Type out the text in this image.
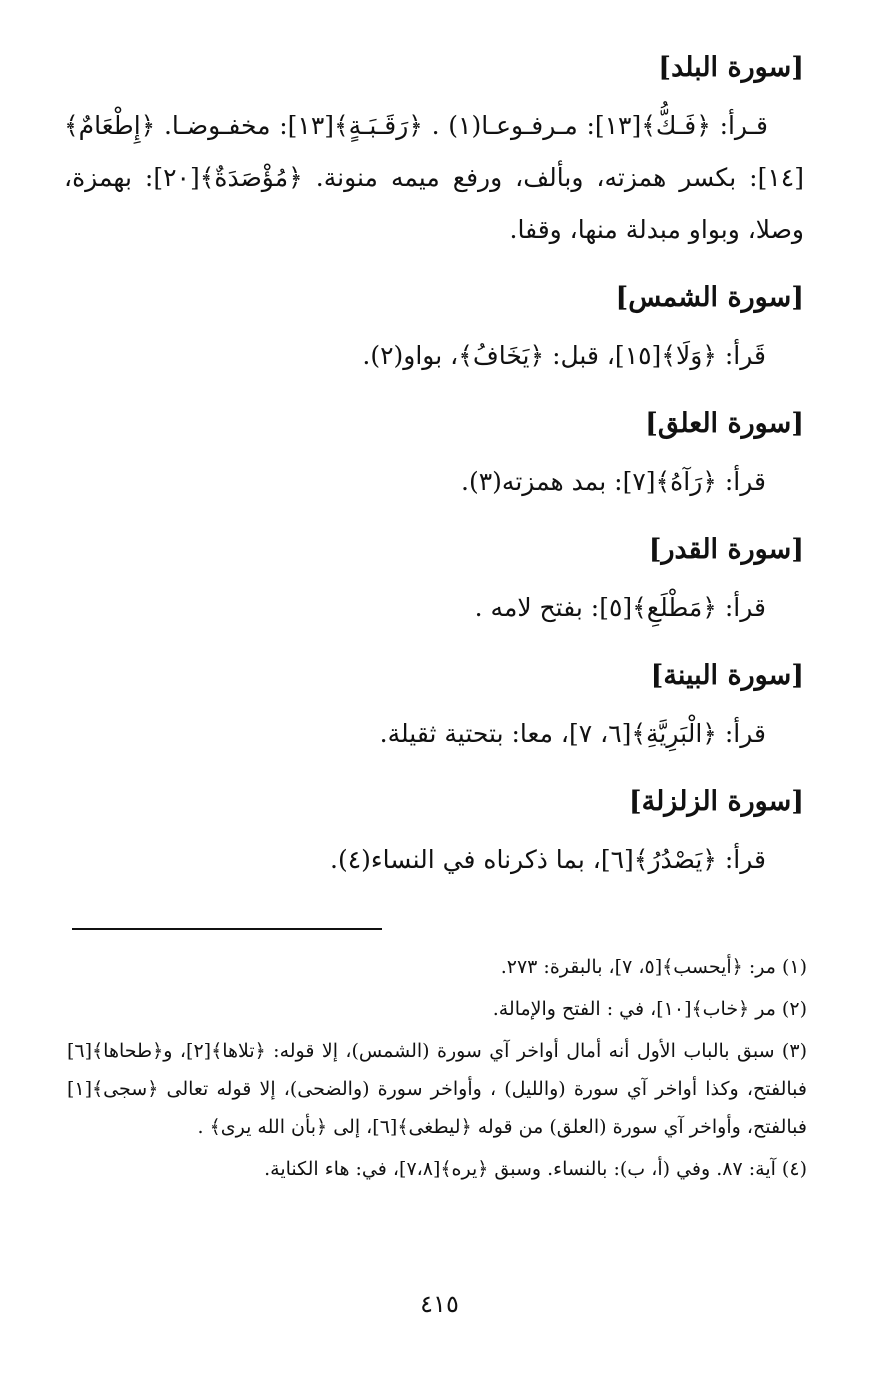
[سورة البلد]
قـرأ: ﴿فَـكُّ﴾[١٣]: مـرفـوعـا(١) . ﴿رَقَـبَـةٍ﴾[١٣]: مخفـوضـا. ﴿إِطْعَامٌ﴾[١٤]: بكسر همزته، وبألف، ورفع ميمه منونة. ﴿مُؤْصَدَةٌ﴾[٢٠]: بهمزة، وصلا، وبواو مبدلة منها، وقفا.
[سورة الشمس]
قَرأ: ﴿وَلَا﴾[١٥]، قبل: ﴿يَخَافُ﴾، بواو(٢).
[سورة العلق]
قرأ: ﴿رَآهُ﴾[٧]: بمد همزته(٣).
[سورة القدر]
قرأ: ﴿مَطْلَعِ﴾[٥]: بفتح لامه .
[سورة البينة]
قرأ: ﴿الْبَرِيَّةِ﴾[٦، ٧]، معا: بتحتية ثقيلة.
[سورة الزلزلة]
قرأ: ﴿يَصْدُرُ﴾[٦]، بما ذكرناه في النساء(٤).
(١) مر: ﴿أيحسب﴾[٥، ٧]، بالبقرة: ٢٧٣.
(٢) مر ﴿خاب﴾[١٠]، في : الفتح والإمالة.
(٣) سبق بالباب الأول أنه أمال أواخر آي سورة (الشمس)، إلا قوله: ﴿تلاها﴾[٢]، و﴿طحاها﴾[٦] فبالفتح، وكذا أواخر آي سورة (والليل) ، وأواخر سورة (والضحى)، إلا قوله تعالى ﴿سجى﴾[١] فبالفتح، وأواخر آي سورة (العلق) من قوله ﴿ليطغى﴾[٦]، إلى ﴿بأن الله يرى﴾ .
(٤) آية: ٨٧. وفي (أ، ب): بالنساء. وسبق ﴿يره﴾[٧،٨]، في: هاء الكناية.
٤١٥
